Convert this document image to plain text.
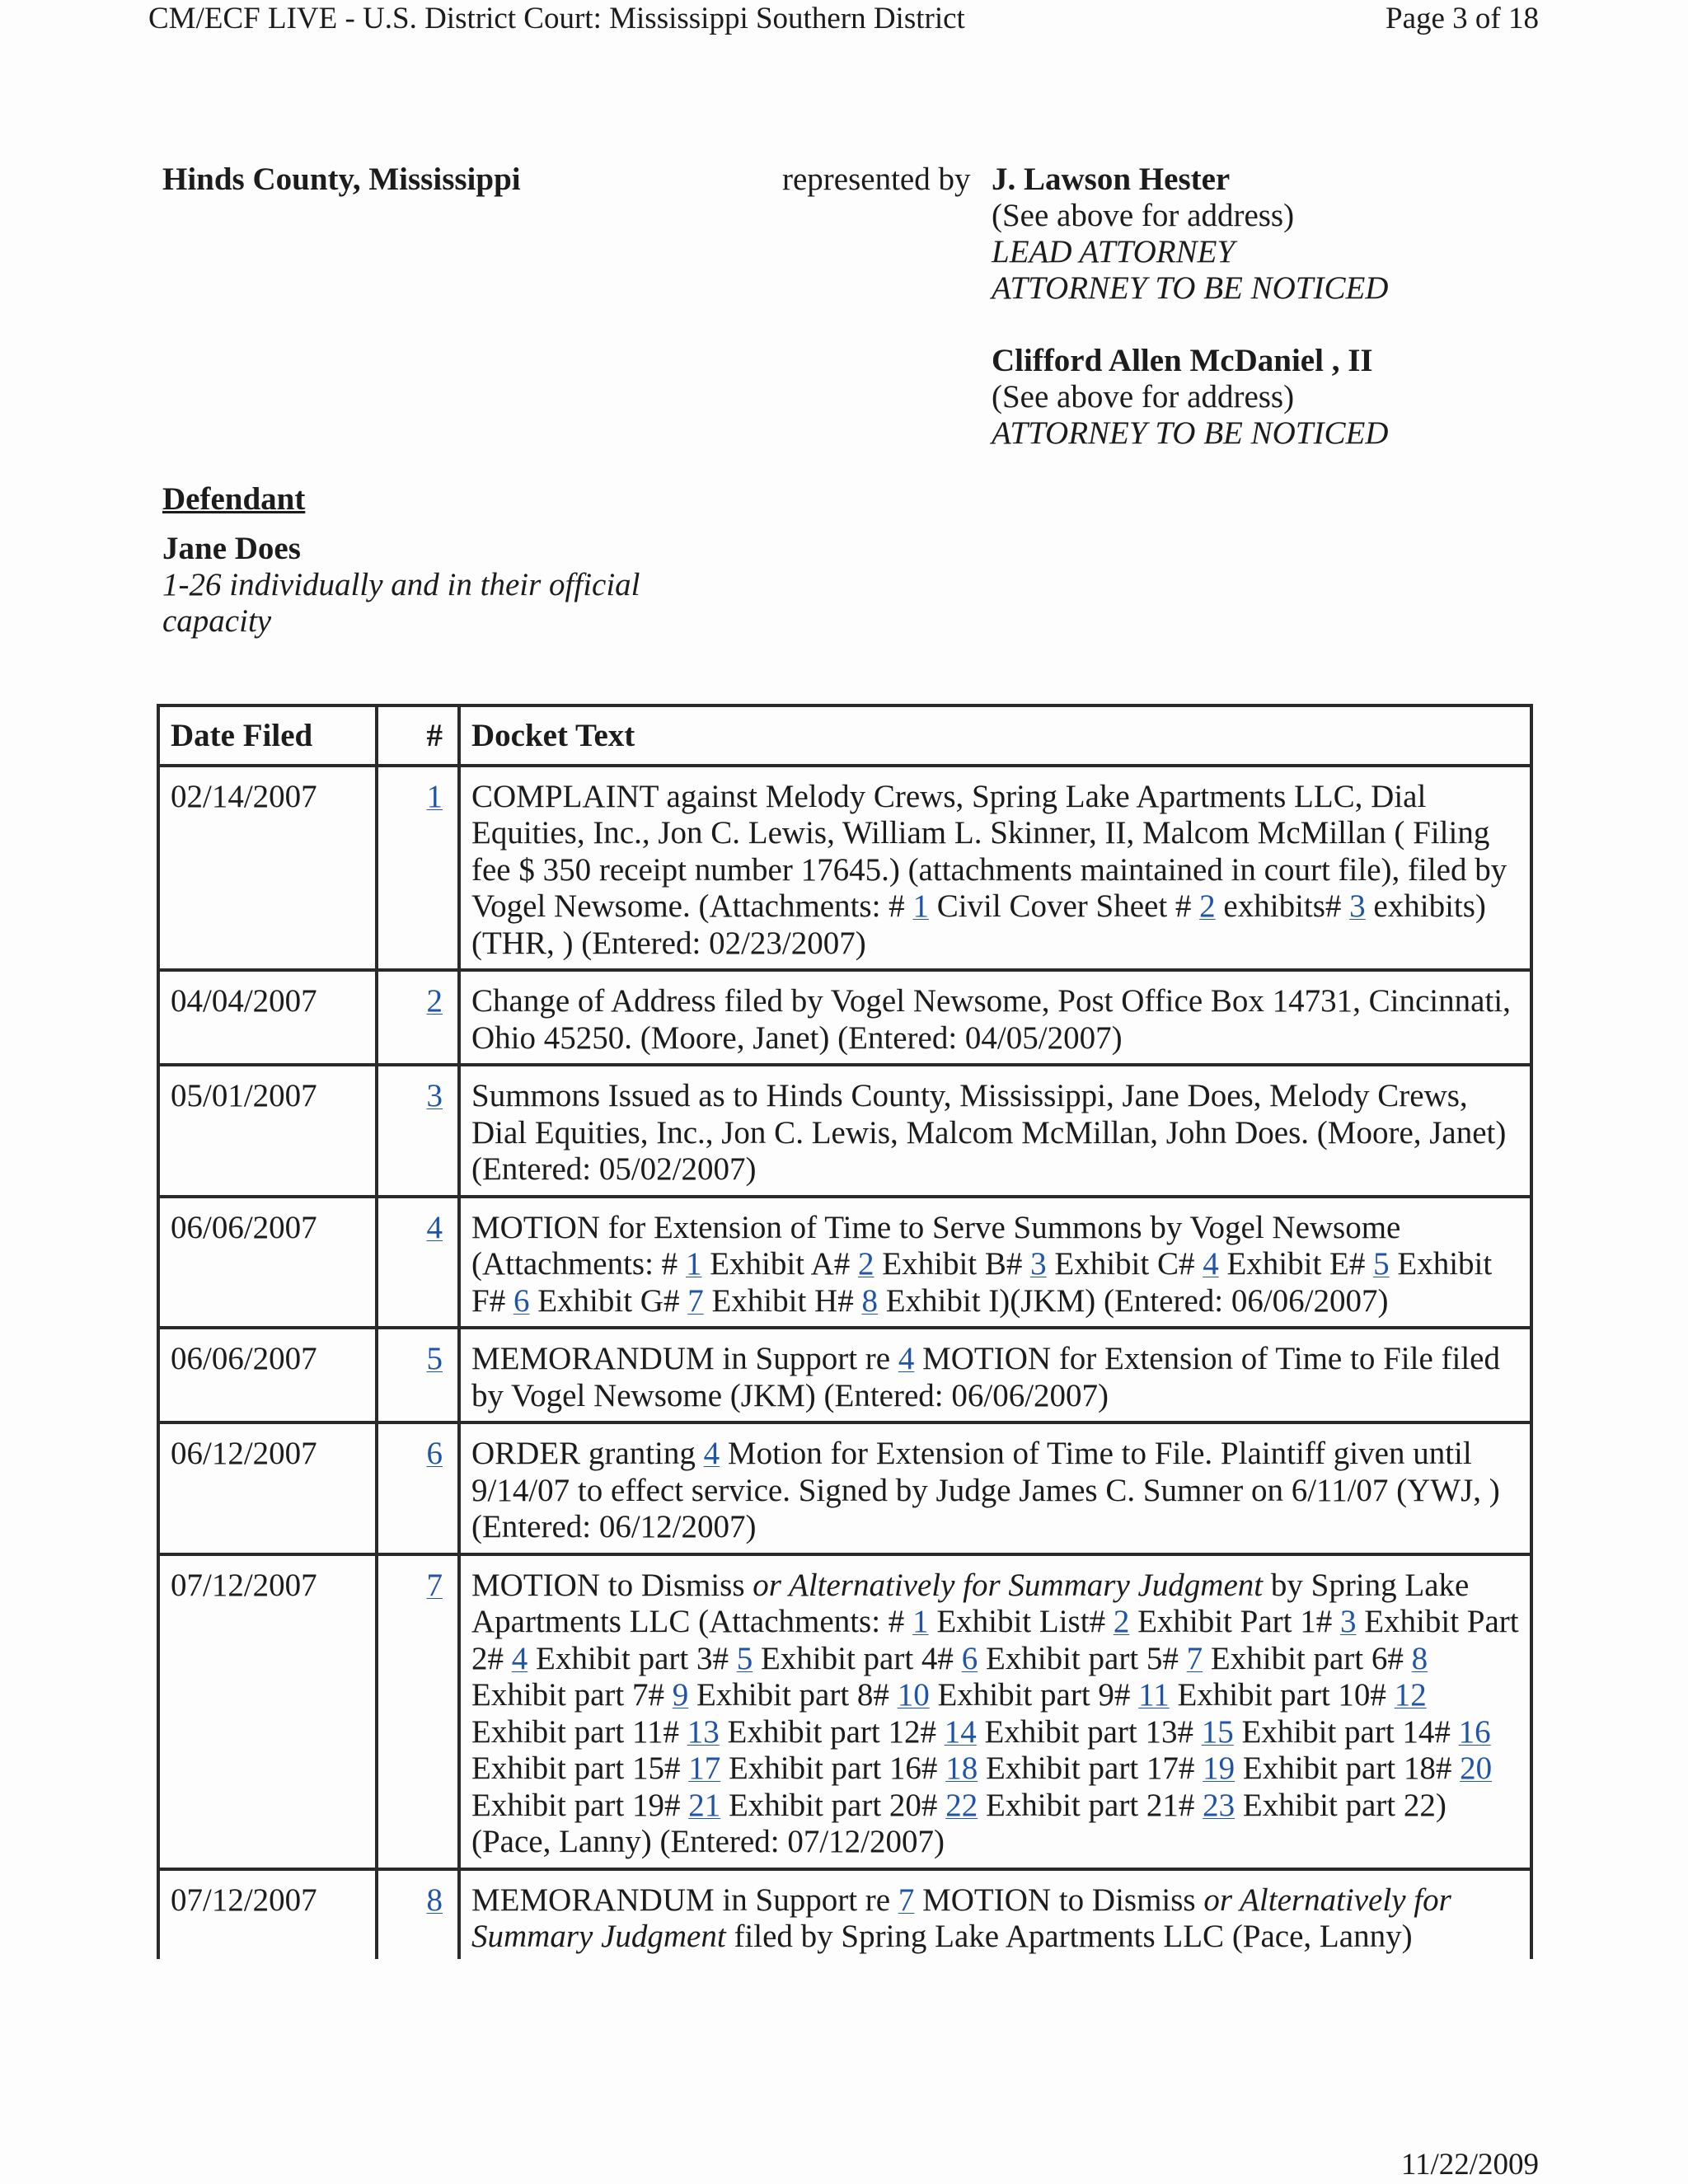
CM/ECF LIVE - U.S. District Court: Mississippi Southern District	Page 3 of 18
Hinds County, Mississippi	represented by J. Lawson Hester
(See above for address)
LEAD ATTORNEY
ATTORNEY TO BE NOTICED
Clifford Allen McDaniel , II
(See above for address)
ATTORNEY TO BE NOTICED
Defendant
Jane Does
1-26 individually and in their official
capacity
Date Filed	#	Docket Text
02/14/2007	1	COMPLAINT against Melody Crews, Spring Lake Apartments LLC, Dial Equities, Inc., Jon C. Lewis, William L. Skinner, II, Malcom McMillan ( Filing fee $ 350 receipt number 17645.) (attachments maintained in court file), filed by Vogel Newsome. (Attachments: # 1 Civil Cover Sheet # 2 exhibits# 3 exhibits)(THR, ) (Entered: 02/23/2007)
04/04/2007	2	Change of Address filed by Vogel Newsome, Post Office Box 14731, Cincinnati, Ohio 45250. (Moore, Janet) (Entered: 04/05/2007)
05/01/2007	3	Summons Issued as to Hinds County, Mississippi, Jane Does, Melody Crews, Dial Equities, Inc., Jon C. Lewis, Malcom McMillan, John Does. (Moore, Janet) (Entered: 05/02/2007)
06/06/2007	4	MOTION for Extension of Time to Serve Summons by Vogel Newsome (Attachments: # 1 Exhibit A# 2 Exhibit B# 3 Exhibit C# 4 Exhibit E# 5 Exhibit F# 6 Exhibit G# 7 Exhibit H# 8 Exhibit I)(JKM) (Entered: 06/06/2007)
06/06/2007	5	MEMORANDUM in Support re 4 MOTION for Extension of Time to File filed by Vogel Newsome (JKM) (Entered: 06/06/2007)
06/12/2007	6	ORDER granting 4 Motion for Extension of Time to File. Plaintiff given until 9/14/07 to effect service. Signed by Judge James C. Sumner on 6/11/07 (YWJ, ) (Entered: 06/12/2007)
07/12/2007	7	MOTION to Dismiss or Alternatively for Summary Judgment by Spring Lake Apartments LLC (Attachments: # 1 Exhibit List# 2 Exhibit Part 1# 3 Exhibit Part 2# 4 Exhibit part 3# 5 Exhibit part 4# 6 Exhibit part 5# 7 Exhibit part 6# 8 Exhibit part 7# 9 Exhibit part 8# 10 Exhibit part 9# 11 Exhibit part 10# 12 Exhibit part 11# 13 Exhibit part 12# 14 Exhibit part 13# 15 Exhibit part 14# 16 Exhibit part 15# 17 Exhibit part 16# 18 Exhibit part 17# 19 Exhibit part 18# 20 Exhibit part 19# 21 Exhibit part 20# 22 Exhibit part 21# 23 Exhibit part 22)(Pace, Lanny) (Entered: 07/12/2007)
07/12/2007	8	MEMORANDUM in Support re 7 MOTION to Dismiss or Alternatively for Summary Judgment filed by Spring Lake Apartments LLC (Pace, Lanny)
11/22/2009
